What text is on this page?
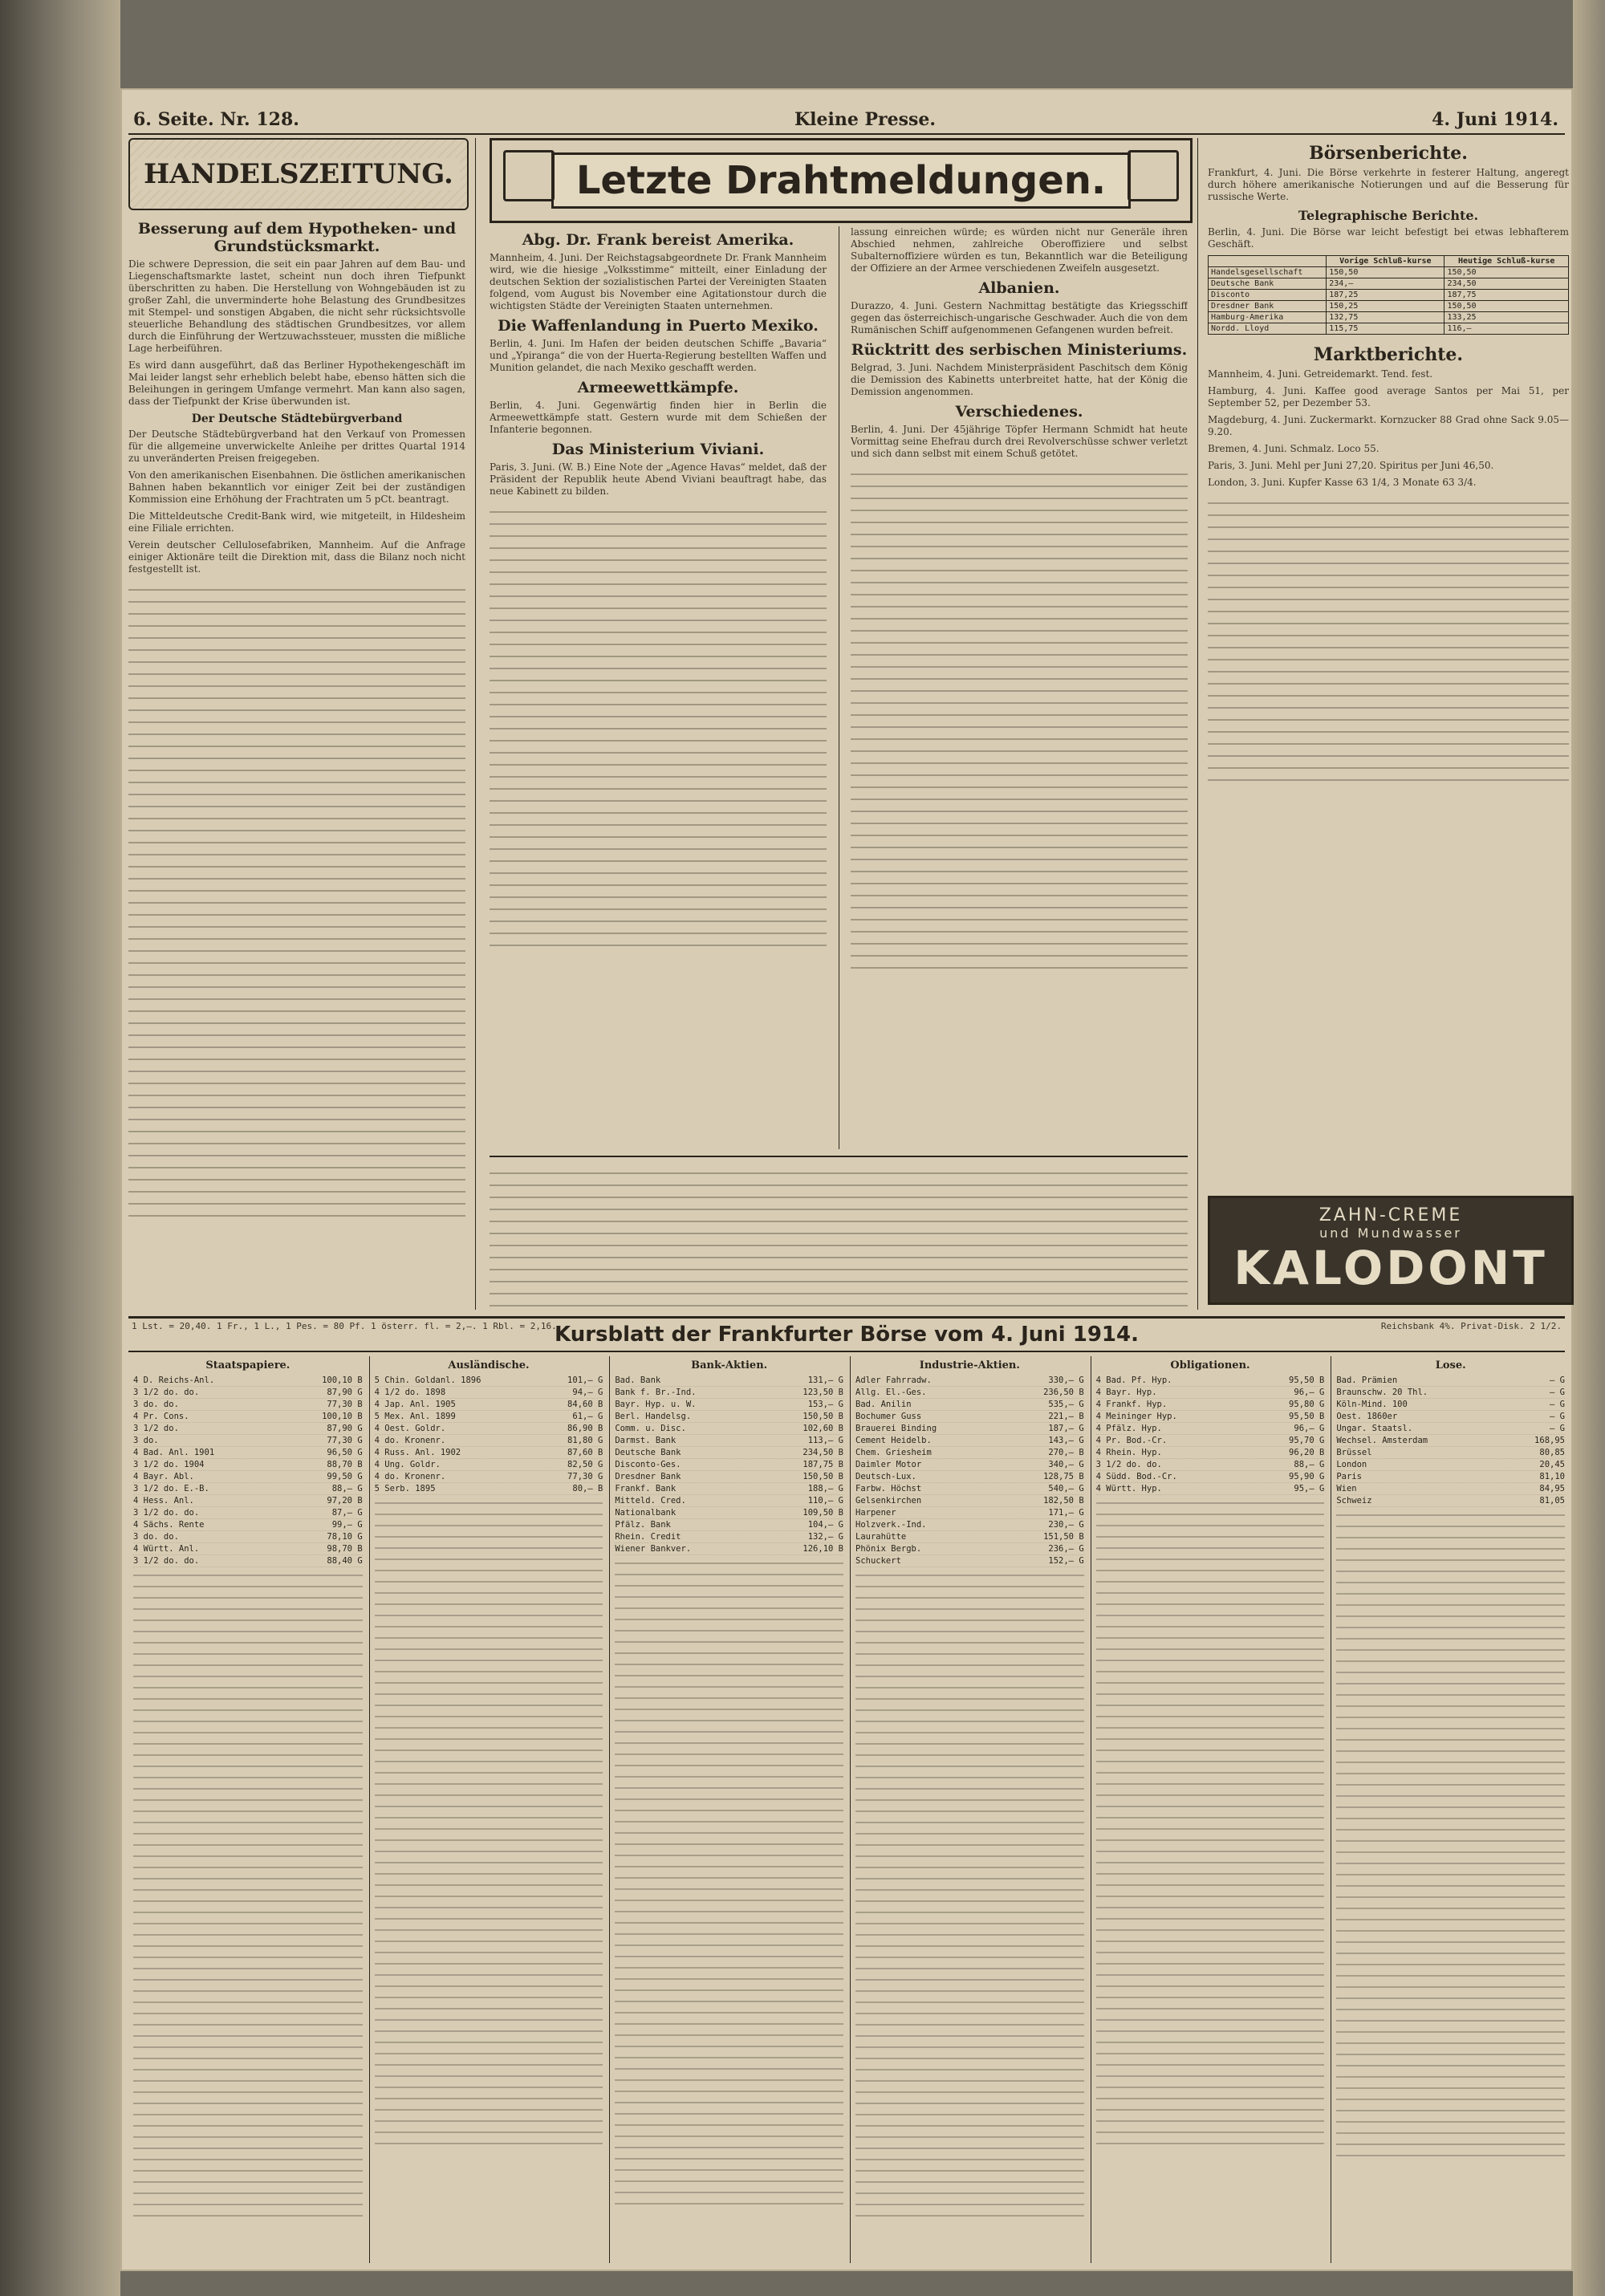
6. Seite. Nr. 128.	Kleine Presse.	4. Juni 1914.
HANDELSZEITUNG.
Besserung auf dem Hypotheken- und Grundstücksmarkt.

Die schwere Depression, die seit ein paar Jahren auf dem Bau- und Liegenschaftsmarkte lastet, scheint nun doch ihren Tiefpunkt überschritten zu haben. Die Herstellung von Wohngebäuden ist zu großer Zahl, die unverminderte hohe Belastung des Grundbesitzes mit Stempel- und sonstigen Abgaben, die nicht sehr rücksichtsvolle steuerliche Behandlung des städtischen Grundbesitzes, vor allem durch die Einführung der Wertzuwachssteuer, mussten die mißliche Lage herbeiführen.

Es wird dann ausgeführt, daß das Berliner Hypothekengeschäft im Mai leider langst sehr erheblich belebt habe, ebenso hätten sich die Beleihungen in geringem Umfange vermehrt. Man kann also sagen, dass der Tiefpunkt der Krise überwunden ist.

Der Deutsche Städtebürgverband

Der Deutsche Städtebürgverband hat den Verkauf von Promessen für die allgemeine unverwickelte Anleihe per drittes Quartal 1914 zu unveränderten Preisen freigegeben.

Von den amerikanischen Eisenbahnen. Die östlichen amerikanischen Bahnen haben bekanntlich vor einiger Zeit bei der zuständigen Kommission eine Erhöhung der Frachtraten um 5 pCt. beantragt.

Die Mitteldeutsche Credit-Bank wird, wie mitgeteilt, in Hildesheim eine Filiale errichten.

Verein deutscher Cellulosefabriken, Mannheim. Auf die Anfrage einiger Aktionäre teilt die Direktion mit, dass die Bilanz noch nicht festgestellt ist.

Letzte Drahtmeldungen.
Abg. Dr. Frank bereist Amerika.

Mannheim, 4. Juni. Der Reichstagsabgeordnete Dr. Frank Mannheim wird, wie die hiesige „Volksstimme“ mitteilt, einer Einladung der deutschen Sektion der sozialistischen Partei der Vereinigten Staaten folgend, vom August bis November eine Agitationstour durch die wichtigsten Städte der Vereinigten Staaten unternehmen.

Die Waffenlandung in Puerto Mexiko.

Berlin, 4. Juni. Im Hafen der beiden deutschen Schiffe „Bavaria“ und „Ypiranga“ die von der Huerta-Regierung bestellten Waffen und Munition gelandet, die nach Mexiko geschafft werden.

Armeewettkämpfe.

Berlin, 4. Juni. Gegenwärtig finden hier in Berlin die Armeewettkämpfe statt. Gestern wurde mit dem Schießen der Infanterie begonnen.

Das Ministerium Viviani.

Paris, 3. Juni. (W. B.) Eine Note der „Agence Havas“ meldet, daß der Präsident der Republik heute Abend Viviani beauftragt habe, das neue Kabinett zu bilden.

lassung einreichen würde; es würden nicht nur Generäle ihren Abschied nehmen, zahlreiche Oberoffiziere und selbst Subalternoffiziere würden es tun, Bekanntlich war die Beteiligung der Offiziere an der Armee verschiedenen Zweifeln ausgesetzt.

Albanien.

Durazzo, 4. Juni. Gestern Nachmittag bestätigte das Kriegsschiff gegen das österreichisch-ungarische Geschwader. Auch die von dem Rumänischen Schiff aufgenommenen Gefangenen wurden befreit.

Rücktritt des serbischen Ministeriums.

Belgrad, 3. Juni. Nachdem Ministerpräsident Paschitsch dem König die Demission des Kabinetts unterbreitet hatte, hat der König die Demission angenommen.

Verschiedenes.

Berlin, 4. Juni. Der 45jährige Töpfer Hermann Schmidt hat heute Vormittag seine Ehefrau durch drei Revolverschüsse schwer verletzt und sich dann selbst mit einem Schuß getötet.

Börsenberichte.

Frankfurt, 4. Juni. Die Börse verkehrte in festerer Haltung, angeregt durch höhere amerikanische Notierungen und auf die Besserung für russische Werte.

Telegraphische Berichte.

Berlin, 4. Juni. Die Börse war leicht befestigt bei etwas lebhafterem Geschäft.

	Vorige Schluß-kurse	Heutige Schluß-kurse
Handelsgesellschaft	150,50	150,50
Deutsche Bank	234,—	234,50
Disconto	187,25	187,75
Dresdner Bank	150,25	150,50
Hamburg-Amerika	132,75	133,25
Nordd. Lloyd	115,75	116,—
Marktberichte.

Mannheim, 4. Juni. Getreidemarkt. Tend. fest.

Hamburg, 4. Juni. Kaffee good average Santos per Mai 51, per September 52, per Dezember 53.

Magdeburg, 4. Juni. Zuckermarkt. Kornzucker 88 Grad ohne Sack 9.05—9.20.

Bremen, 4. Juni. Schmalz. Loco 55.

Paris, 3. Juni. Mehl per Juni 27,20. Spiritus per Juni 46,50.

London, 3. Juni. Kupfer Kasse 63 1/4, 3 Monate 63 3/4.

ZAHN-CREME
und Mundwasser
KALODONT
Kursblatt der Frankfurter Börse vom 4. Juni 1914.
1 Lst. = 20,40. 1 Fr., 1 L., 1 Pes. = 80 Pf. 1 österr. fl. = 2,—. 1 Rbl. = 2,16.	Reichsbank 4%. Privat-Disk. 2 1/2.
Staatspapiere.
4 D. Reichs-Anl.	100,10 B
3 1/2 do. do.	87,90 G
3 do. do.	77,30 B
4 Pr. Cons.	100,10 B
3 1/2 do.	87,90 G
3 do.	77,30 G
4 Bad. Anl. 1901	96,50 G
3 1/2 do. 1904	88,70 B
4 Bayr. Abl.	99,50 G
3 1/2 do. E.-B.	88,— G
4 Hess. Anl.	97,20 B
3 1/2 do. do.	87,— G
4 Sächs. Rente	99,— G
3 do. do.	78,10 G
4 Württ. Anl.	98,70 B
3 1/2 do. do.	88,40 G
Ausländische.
5 Chin. Goldanl. 1896	101,— G
4 1/2 do. 1898	94,— G
4 Jap. Anl. 1905	84,60 B
5 Mex. Anl. 1899	61,— G
4 Oest. Goldr.	86,90 B
4 do. Kronenr.	81,80 G
4 Russ. Anl. 1902	87,60 B
4 Ung. Goldr.	82,50 G
4 do. Kronenr.	77,30 G
5 Serb. 1895	80,— B
Bank-Aktien.
Bad. Bank	131,— G
Bank f. Br.-Ind.	123,50 B
Bayr. Hyp. u. W.	153,— G
Berl. Handelsg.	150,50 B
Comm. u. Disc.	102,60 B
Darmst. Bank	113,— G
Deutsche Bank	234,50 B
Disconto-Ges.	187,75 B
Dresdner Bank	150,50 B
Frankf. Bank	188,— G
Mitteld. Cred.	110,— G
Nationalbank	109,50 B
Pfälz. Bank	104,— G
Rhein. Credit	132,— G
Wiener Bankver.	126,10 B
Industrie-Aktien.
Adler Fahrradw.	330,— G
Allg. El.-Ges.	236,50 B
Bad. Anilin	535,— G
Bochumer Guss	221,— B
Brauerei Binding	187,— G
Cement Heidelb.	143,— G
Chem. Griesheim	270,— B
Daimler Motor	340,— G
Deutsch-Lux.	128,75 B
Farbw. Höchst	540,— G
Gelsenkirchen	182,50 B
Harpener	171,— G
Holzverk.-Ind.	230,— G
Laurahütte	151,50 B
Phönix Bergb.	236,— G
Schuckert	152,— G
Obligationen.
4 Bad. Pf. Hyp.	95,50 B
4 Bayr. Hyp.	96,— G
4 Frankf. Hyp.	95,80 G
4 Meininger Hyp.	95,50 B
4 Pfälz. Hyp.	96,— G
4 Pr. Bod.-Cr.	95,70 G
4 Rhein. Hyp.	96,20 B
3 1/2 do. do.	88,— G
4 Südd. Bod.-Cr.	95,90 G
4 Württ. Hyp.	95,— G
Lose.
Bad. Prämien	— G
Braunschw. 20 Thl.	— G
Köln-Mind. 100	— G
Oest. 1860er	— G
Ungar. Staatsl.	— G
Wechsel. Amsterdam	168,95
Brüssel	80,85
London	20,45
Paris	81,10
Wien	84,95
Schweiz	81,05
